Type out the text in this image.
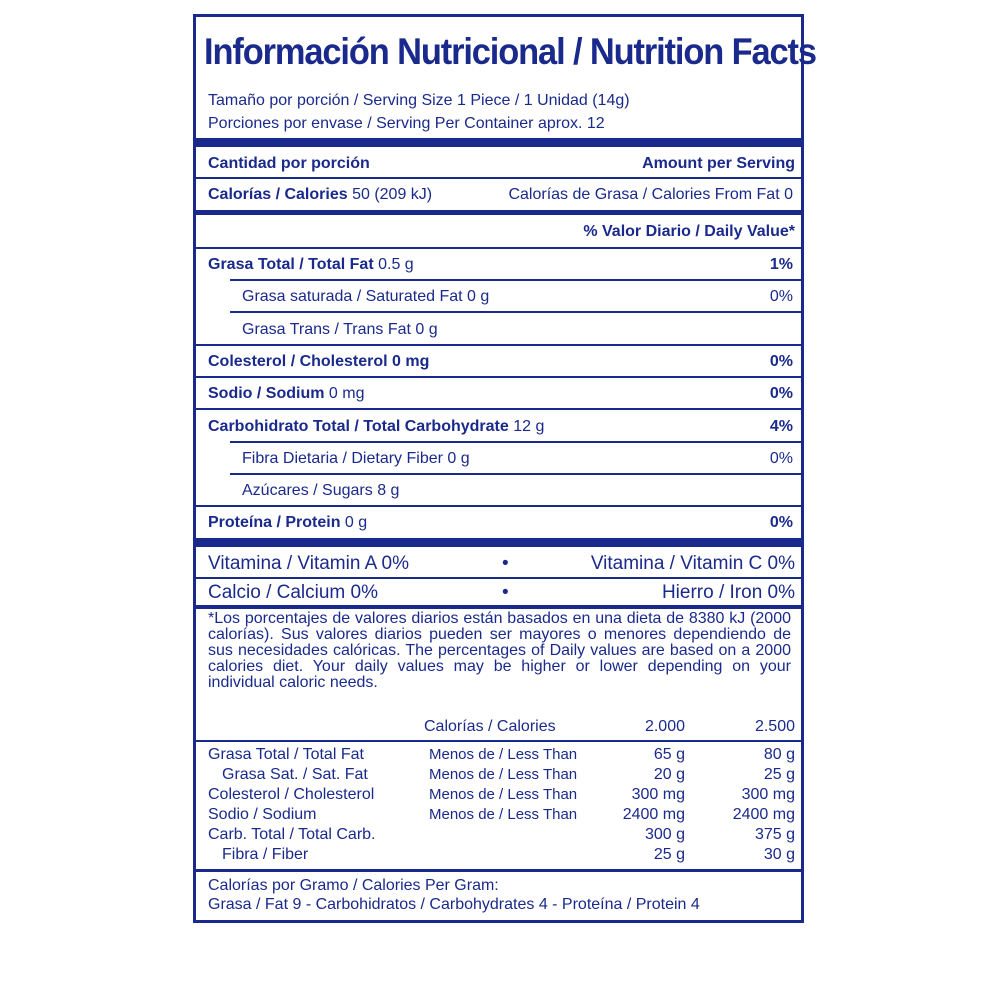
Información Nutricional / Nutrition Facts
Tamaño por porción / Serving Size 1 Piece / 1 Unidad (14g)
Porciones por envase / Serving Per Container aprox. 12
Cantidad por porción	Amount per Serving
Calorías / Calories 50 (209 kJ)	Calorías de Grasa / Calories From Fat 0
% Valor Diario / Daily Value*
Grasa Total / Total Fat 0.5 g	1%
Grasa saturada / Saturated Fat 0 g	0%
Grasa Trans / Trans Fat 0 g
Colesterol / Cholesterol 0 mg	0%
Sodio / Sodium 0 mg	0%
Carbohidrato Total / Total Carbohydrate 12 g	4%
Fibra Dietaria / Dietary Fiber 0 g	0%
Azúcares / Sugars 8 g
Proteína / Protein 0 g	0%
Vitamina / Vitamin A 0%	•	Vitamina / Vitamin C 0%
Calcio / Calcium 0%	•	Hierro / Iron 0%
*Los porcentajes de valores diarios están basados en una dieta de 8380 kJ (2000 calorías). Sus valores diarios pueden ser mayores o menores dependiendo de sus necesidades calóricas. The percentages of Daily values are based on a 2000 calories diet. Your daily values may be higher or lower depending on your individual caloric needs.
Calorías / Calories	2.000	2.500
Grasa Total / Total Fat	Menos de / Less Than	65 g	80 g
Grasa Sat. / Sat. Fat	Menos de / Less Than	20 g	25 g
Colesterol / Cholesterol	Menos de / Less Than	300 mg	300 mg
Sodio / Sodium	Menos de / Less Than	2400 mg	2400 mg
Carb. Total / Total Carb.	300 g	375 g
Fibra / Fiber	25 g	30 g
Calorías por Gramo / Calories Per Gram:
Grasa / Fat 9 - Carbohidratos / Carbohydrates 4 - Proteína / Protein 4
